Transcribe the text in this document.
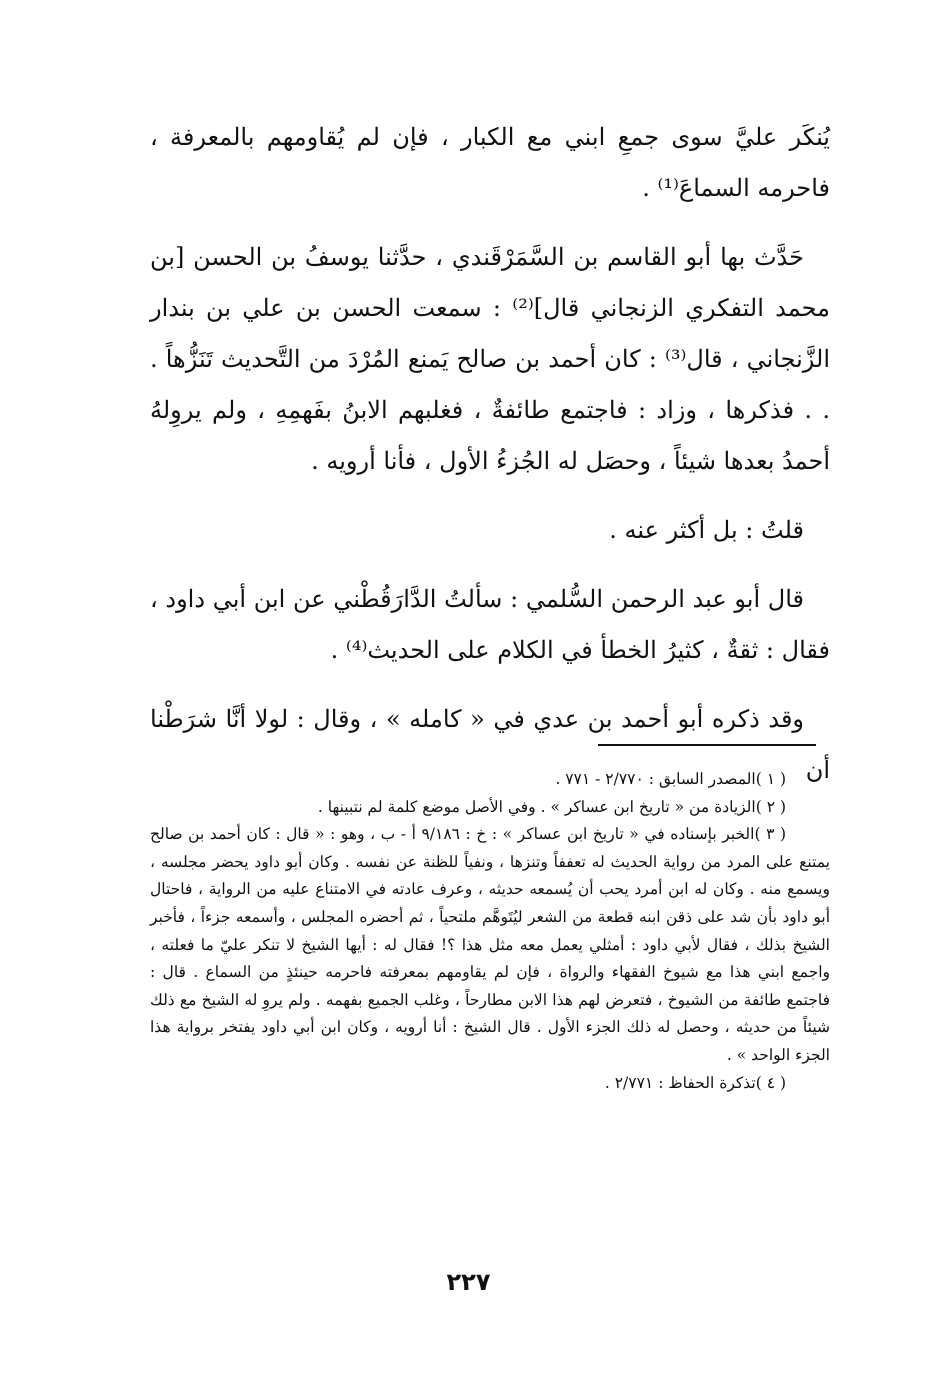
يُنكَر عليَّ سوى جمعِ ابني مع الكبار ، فإن لم يُقاومهم بالمعرفة ، فاحرمه السماعَ⁽¹⁾ .

حَدَّث بها أبو القاسم بن السَّمَرْقَندي ، حدَّثنا يوسفُ بن الحسن [بن محمد التفكري الزنجاني قال]⁽²⁾ : سمعت الحسن بن علي بن بندار الزَّنجاني ، قال⁽³⁾ : كان أحمد بن صالح يَمنع المُرْدَ من التَّحديث تَنَزُّهاً . . . فذكرها ، وزاد : فاجتمع طائفةٌ ، فغلبهم الابنُ بفَهمِهِ ، ولم يروِلهُ أحمدُ بعدها شيئاً ، وحصَل له الجُزءُ الأول ، فأنا أرويه .

قلتُ : بل أكثر عنه .

قال أبو عبد الرحمن السُّلمي : سألتُ الدَّارَقُطْني عن ابن أبي داود ، فقال : ثقةٌ ، كثيرُ الخطأ في الكلام على الحديث⁽⁴⁾ .

وقد ذكره أبو أحمد بن عدي في « كامله » ، وقال : لولا أنَّا شرَطْنا أن

( ١ )المصدر السابق : ٢/٧٧٠ - ٧٧١ .

( ٢ )الزيادة من « تاريخ ابن عساكر » . وفي الأصل موضع كلمة لم نتبينها .

( ٣ )الخبر بإسناده في « تاريخ ابن عساكر » : خ : ٩/١٨٦ أ - ب ، وهو : « قال : كان أحمد بن صالح يمتنع على المرد من رواية الحديث له تعففاً وتنزها ، ونفياً للظنة عن نفسه . وكان أبو داود يحضر مجلسه ، ويسمع منه . وكان له ابن أمرد يحب أن يُسمعه حديثه ، وعرف عادته في الامتناع عليه من الرواية ، فاحتال أبو داود بأن شد على ذقن ابنه قطعة من الشعر ليُتَوهَّم ملتحياً ، ثم أحضره المجلس ، وأسمعه جزءاً ، فأخبر الشيخ بذلك ، فقال لأبي داود : أمثلي يعمل معه مثل هذا ؟! فقال له : أيها الشيخ لا تنكر عليّ ما فعلته ، واجمع ابني هذا مع شيوخ الفقهاء والرواة ، فإن لم يقاومهم بمعرفته فاحرمه حينئذٍ من السماع . قال : فاجتمع طائفة من الشيوخ ، فتعرض لهم هذا الابن مطارحاً ، وغلب الجميع بفهمه . ولم يروِ له الشيخ مع ذلك شيئاً من حديثه ، وحصل له ذلك الجزء الأول . قال الشيخ : أنا أرويه ، وكان ابن أبي داود يفتخر برواية هذا الجزء الواحد » .

( ٤ )تذكرة الحفاظ : ٢/٧٧١ .

٢٢٧
